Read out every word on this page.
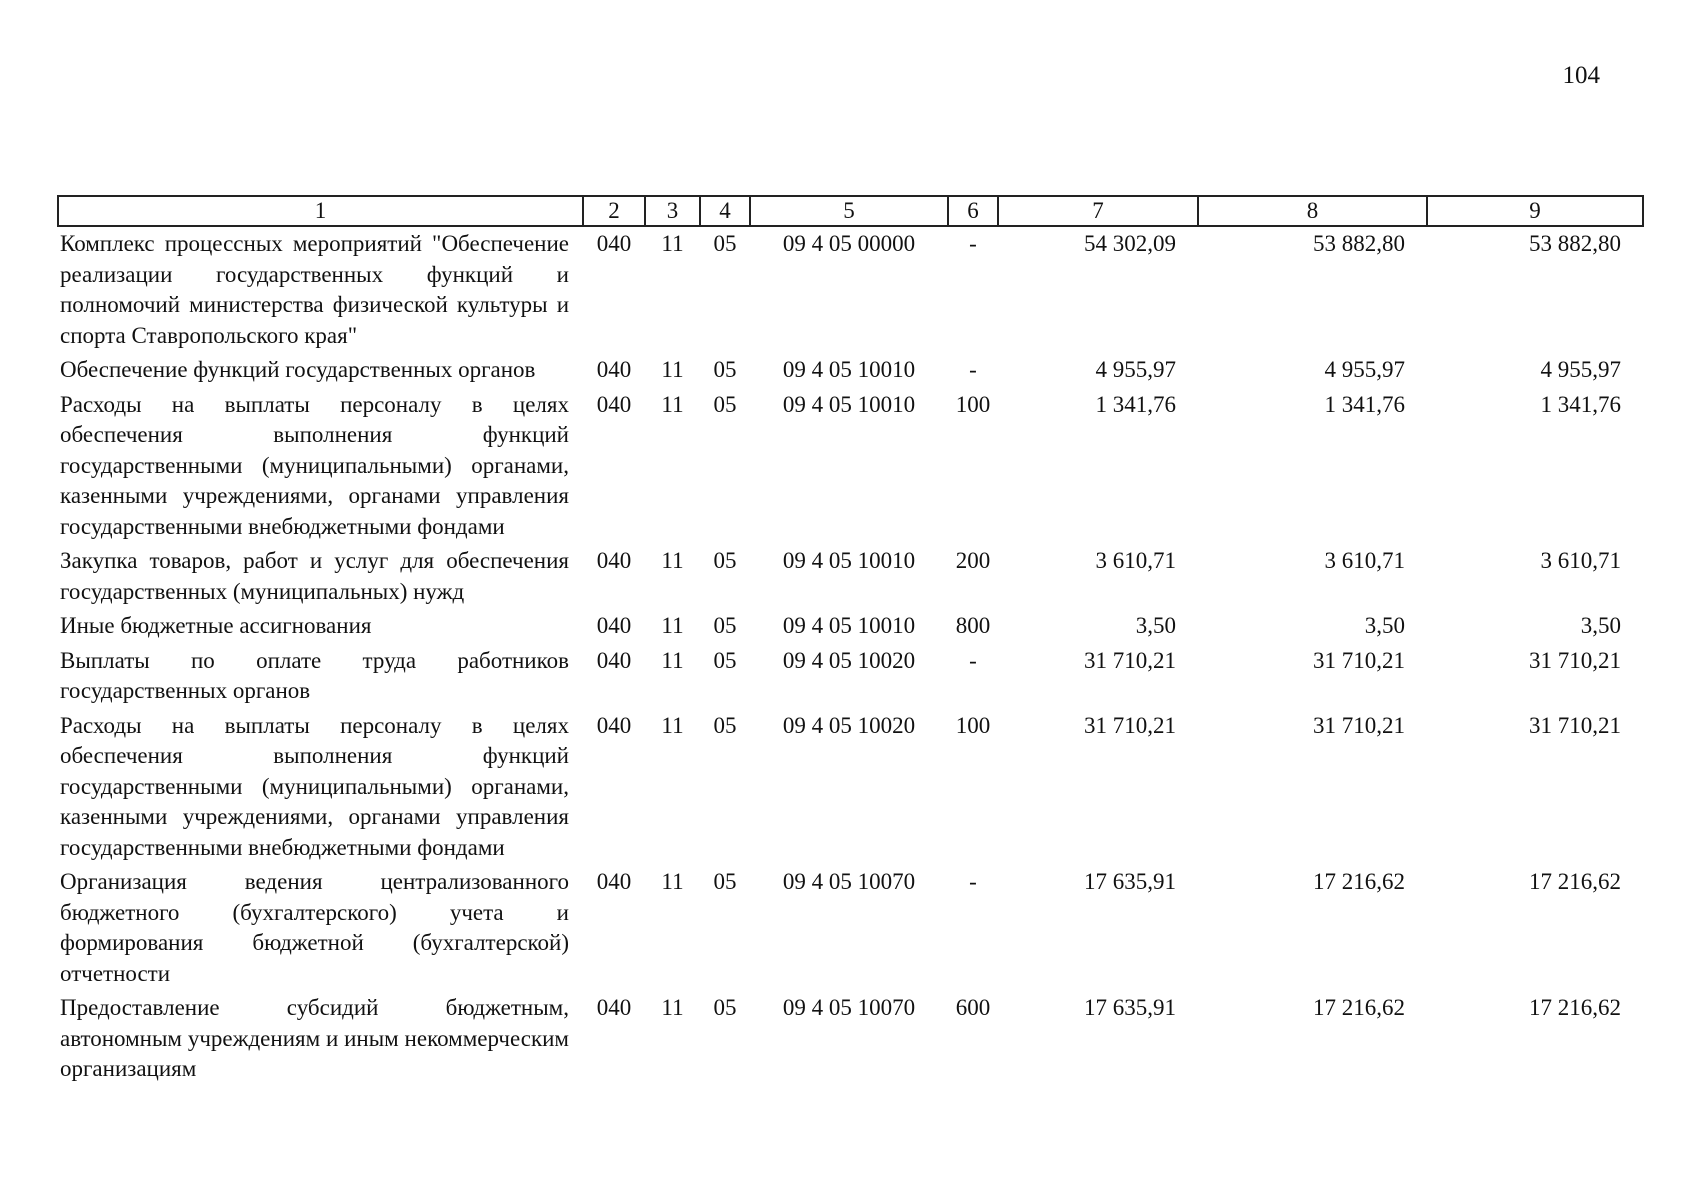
104
1	2	3	4	5	6	7	8	9
Комплекс процессных мероприятий "Обеспечение реализации государственных функций и полномочий министерства физической культуры и спорта Ставропольского края"	040	11	05	09 4 05 00000	-	54 302,09	53 882,80	53 882,80
Обеспечение функций государственных органов	040	11	05	09 4 05 10010	-	4 955,97	4 955,97	4 955,97
Расходы на выплаты персоналу в целях обеспечения выполнения функций государственными (муниципальными) органами, казенными учреждениями, органами управления государственными внебюджетными фондами	040	11	05	09 4 05 10010	100	1 341,76	1 341,76	1 341,76
Закупка товаров, работ и услуг для обеспечения государственных (муниципальных) нужд	040	11	05	09 4 05 10010	200	3 610,71	3 610,71	3 610,71
Иные бюджетные ассигнования	040	11	05	09 4 05 10010	800	3,50	3,50	3,50
Выплаты по оплате труда работников государственных органов	040	11	05	09 4 05 10020	-	31 710,21	31 710,21	31 710,21
Расходы на выплаты персоналу в целях обеспечения выполнения функций государственными (муниципальными) органами, казенными учреждениями, органами управления государственными внебюджетными фондами	040	11	05	09 4 05 10020	100	31 710,21	31 710,21	31 710,21
Организация ведения централизованного бюджетного (бухгалтерского) учета и формирования бюджетной (бухгалтерской) отчетности	040	11	05	09 4 05 10070	-	17 635,91	17 216,62	17 216,62
Предоставление субсидий бюджетным, автономным учреждениям и иным некоммерческим организациям	040	11	05	09 4 05 10070	600	17 635,91	17 216,62	17 216,62
